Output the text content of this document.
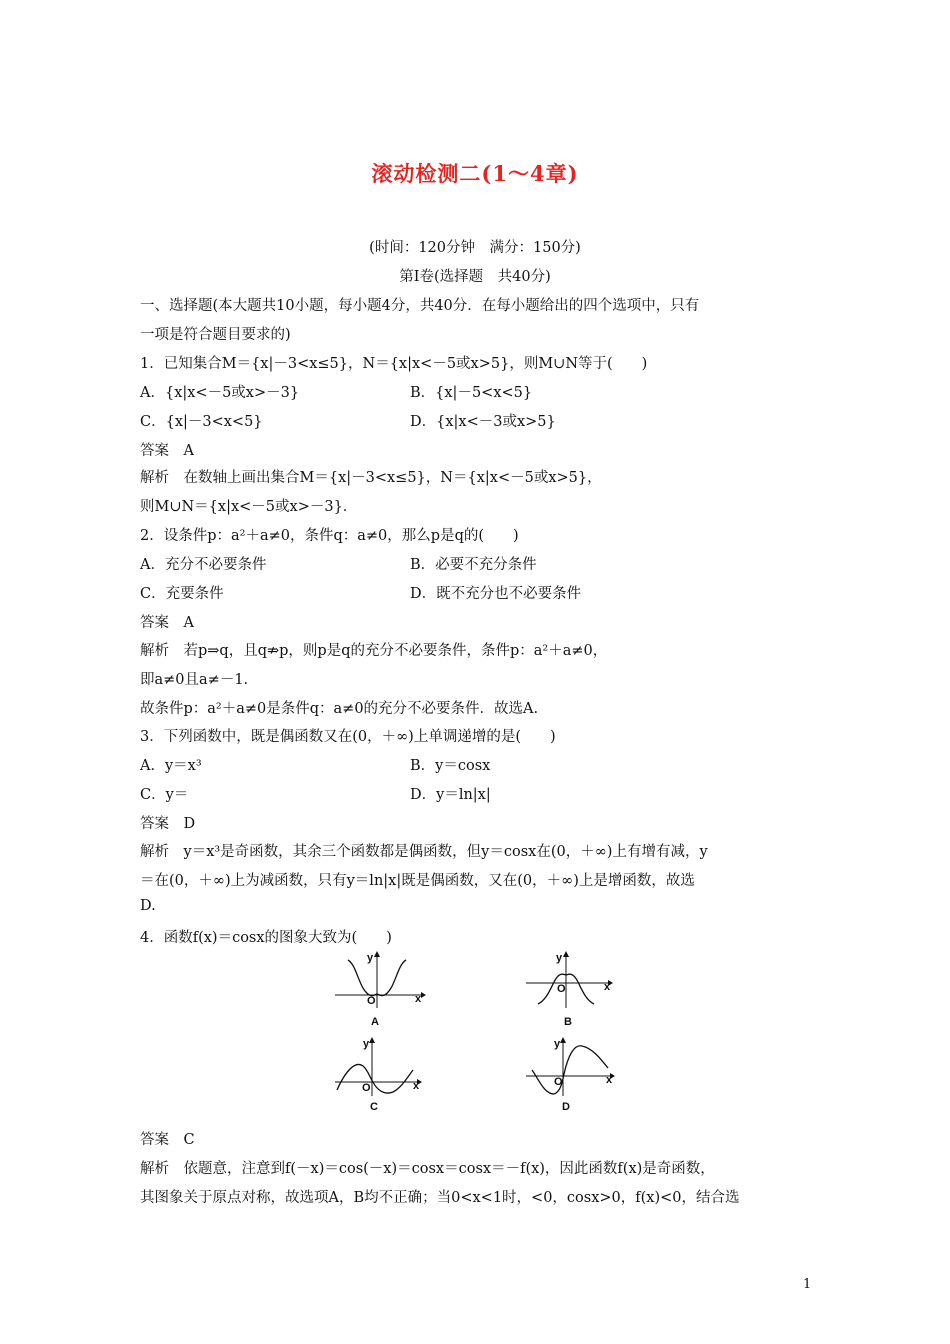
滚动检测二(1～4章)
(时间：120分钟　满分：150分)
第Ⅰ卷(选择题　共40分)
一、选择题(本大题共10小题，每小题4分，共40分．在每小题给出的四个选项中，只有
一项是符合题目要求的)
1．已知集合M＝{x|－3<x≤5}，N＝{x|x<－5或x>5}，则M∪N等于(　　)
A．{x|x<－5或x>－3}	B．{x|－5<x<5}
C．{x|－3<x<5}	D．{x|x<－3或x>5}
答案　A
解析　在数轴上画出集合M＝{x|－3<x≤5}，N＝{x|x<－5或x>5}，
则M∪N＝{x|x<－5或x>－3}．
2．设条件p：a²＋a≠0，条件q：a≠0，那么p是q的(　　)
A．充分不必要条件	B．必要不充分条件
C．充要条件	D．既不充分也不必要条件
答案　A
解析　若p⇒q，且q⇏p，则p是q的充分不必要条件，条件p：a²＋a≠0，
即a≠0且a≠－1.
故条件p：a²＋a≠0是条件q：a≠0的充分不必要条件．故选A.
3．下列函数中，既是偶函数又在(0，＋∞)上单调递增的是(　　)
A．y＝x³	B．y＝cosx
C．y＝	D．y＝ln|x|
答案　D
解析　y＝x³是奇函数，其余三个函数都是偶函数，但y＝cosx在(0，＋∞)上有增有减，y
＝在(0，＋∞)上为减函数，只有y＝ln|x|既是偶函数，又在(0，＋∞)上是增函数，故选
D.
4．函数f(x)＝cosx的图象大致为(　　)
y
x
O
A
y
x
O
B
y
x
O
C
y
x
O
D
答案　C
解析　依题意，注意到f(－x)＝cos(－x)＝cosx＝cosx＝－f(x)，因此函数f(x)是奇函数，
其图象关于原点对称，故选项A，B均不正确；当0<x<1时，<0，cosx>0，f(x)<0，结合选
1
